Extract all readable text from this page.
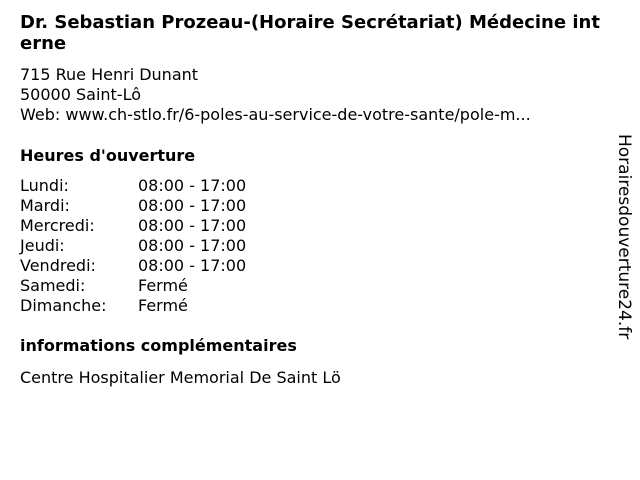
Dr. Sebastian Prozeau-(Horaire Secrétariat) Médecine interne
715 Rue Henri Dunant
50000 Saint-Lô
Web: www.ch-stlo.fr/6-poles-au-service-de-votre-sante/pole-m...
Heures d'ouverture
Lundi:	08:00 - 17:00
Mardi:	08:00 - 17:00
Mercredi:	08:00 - 17:00
Jeudi:	08:00 - 17:00
Vendredi:	08:00 - 17:00
Samedi:	Fermé
Dimanche:	Fermé
informations complémentaires
Centre Hospitalier Memorial De Saint Lö
Horairesdouverture24.fr
